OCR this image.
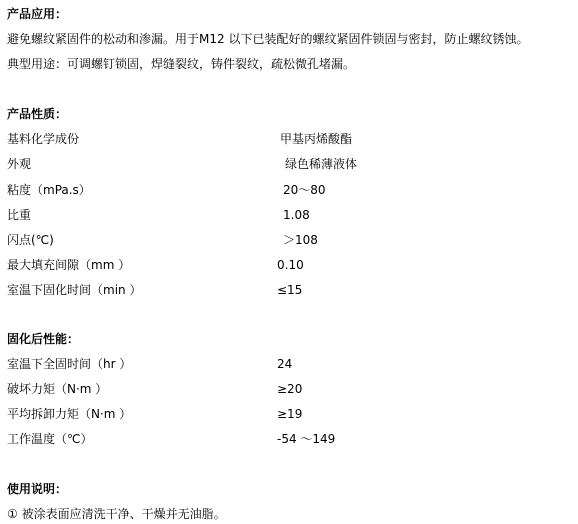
产品应用：
避免螺纹紧固件的松动和渗漏。用于M12 以下已装配好的螺纹紧固件锁固与密封，防止螺纹锈蚀。
典型用途：可调螺钉锁固，焊缝裂纹，铸件裂纹，疏松微孔堵漏。
产品性质：
基料化学成份	甲基丙烯酸酯
外观	绿色稀薄液体
粘度（mPa.s）	20～80
比重	1.08
闪点(℃)	＞108
最大填充间隙（mm ）	0.10
室温下固化时间（min ）	≤15
固化后性能：
室温下全固时间（hr ）	24
破坏力矩（N·m ）	≥20
平均拆卸力矩（N·m ）	≥19
工作温度（℃）	-54 ～149
使用说明：
① 被涂表面应清洗干净、干燥并无油脂。
